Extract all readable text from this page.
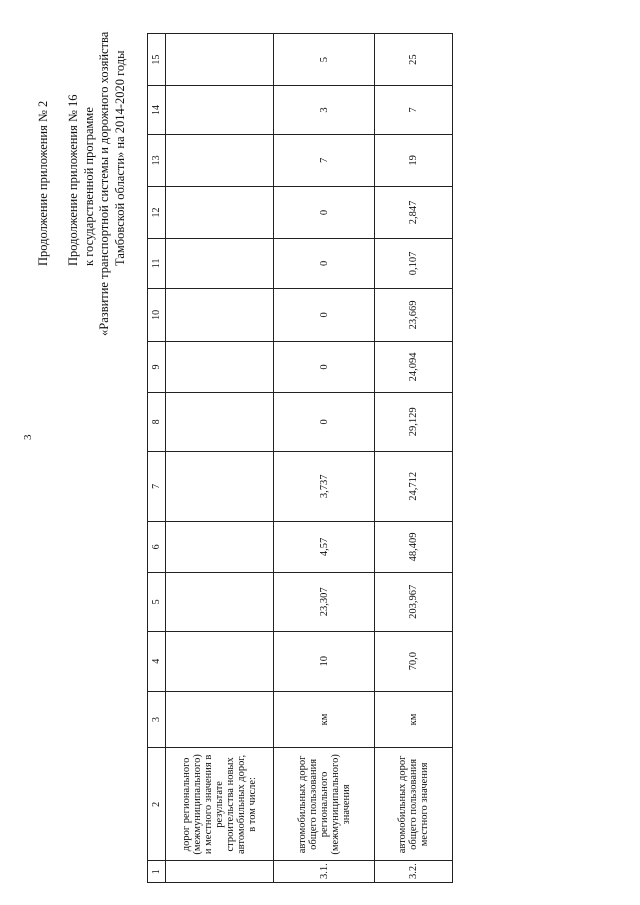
3
Продолжение приложения № 2 Продолжение приложения № 16 к государственной программе «Развитие транспортной системы и дорожного хозяйства Тамбовской области» на 2014-2020 годы
1	2	3	4	5	6	7	8	9	10	11	12	13	14	15
	дорог регионального (межмуниципального) и местного значения в результате строительства новых автомобильных дорог, в том числе:													
3.1.	автомобильных дорог общего пользования регионального (межмуниципального) значения	км	10	23,307	4,57	3,737	0	0	0	0	0	7	3	5
3.2.	автомобильных дорог общего пользования местного значения	км	70,0	203,967	48,409	24,712	29,129	24,094	23,669	0,107	2,847	19	7	25
